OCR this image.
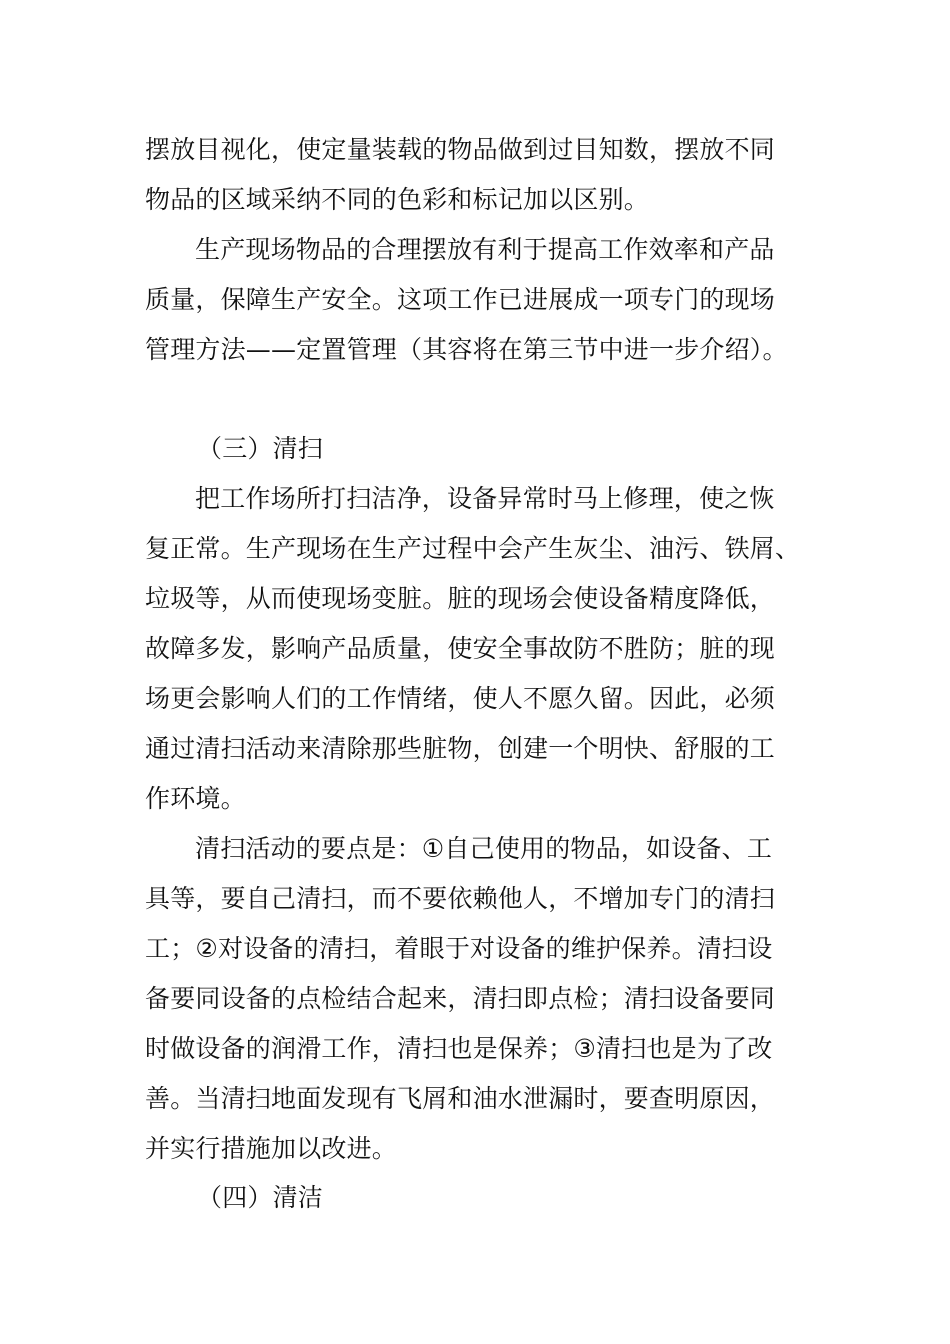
摆放目视化，使定量装载的物品做到过目知数，摆放不同
物品的区域采纳不同的色彩和标记加以区别。
生产现场物品的合理摆放有利于提高工作效率和产品
质量，保障生产安全。这项工作已进展成一项专门的现场
管理方法——定置管理（其容将在第三节中进一步介绍）。
（三）清扫
把工作场所打扫洁净，设备异常时马上修理，使之恢
复正常。生产现场在生产过程中会产生灰尘、油污、铁屑、
垃圾等，从而使现场变脏。脏的现场会使设备精度降低，
故障多发，影响产品质量，使安全事故防不胜防；脏的现
场更会影响人们的工作情绪，使人不愿久留。因此，必须
通过清扫活动来清除那些脏物，创建一个明快、舒服的工
作环境。
清扫活动的要点是：①自己使用的物品，如设备、工
具等，要自己清扫，而不要依赖他人，不增加专门的清扫
工；②对设备的清扫，着眼于对设备的维护保养。清扫设
备要同设备的点检结合起来，清扫即点检；清扫设备要同
时做设备的润滑工作，清扫也是保养；③清扫也是为了改
善。当清扫地面发现有飞屑和油水泄漏时，要查明原因，
并实行措施加以改进。
（四）清洁
